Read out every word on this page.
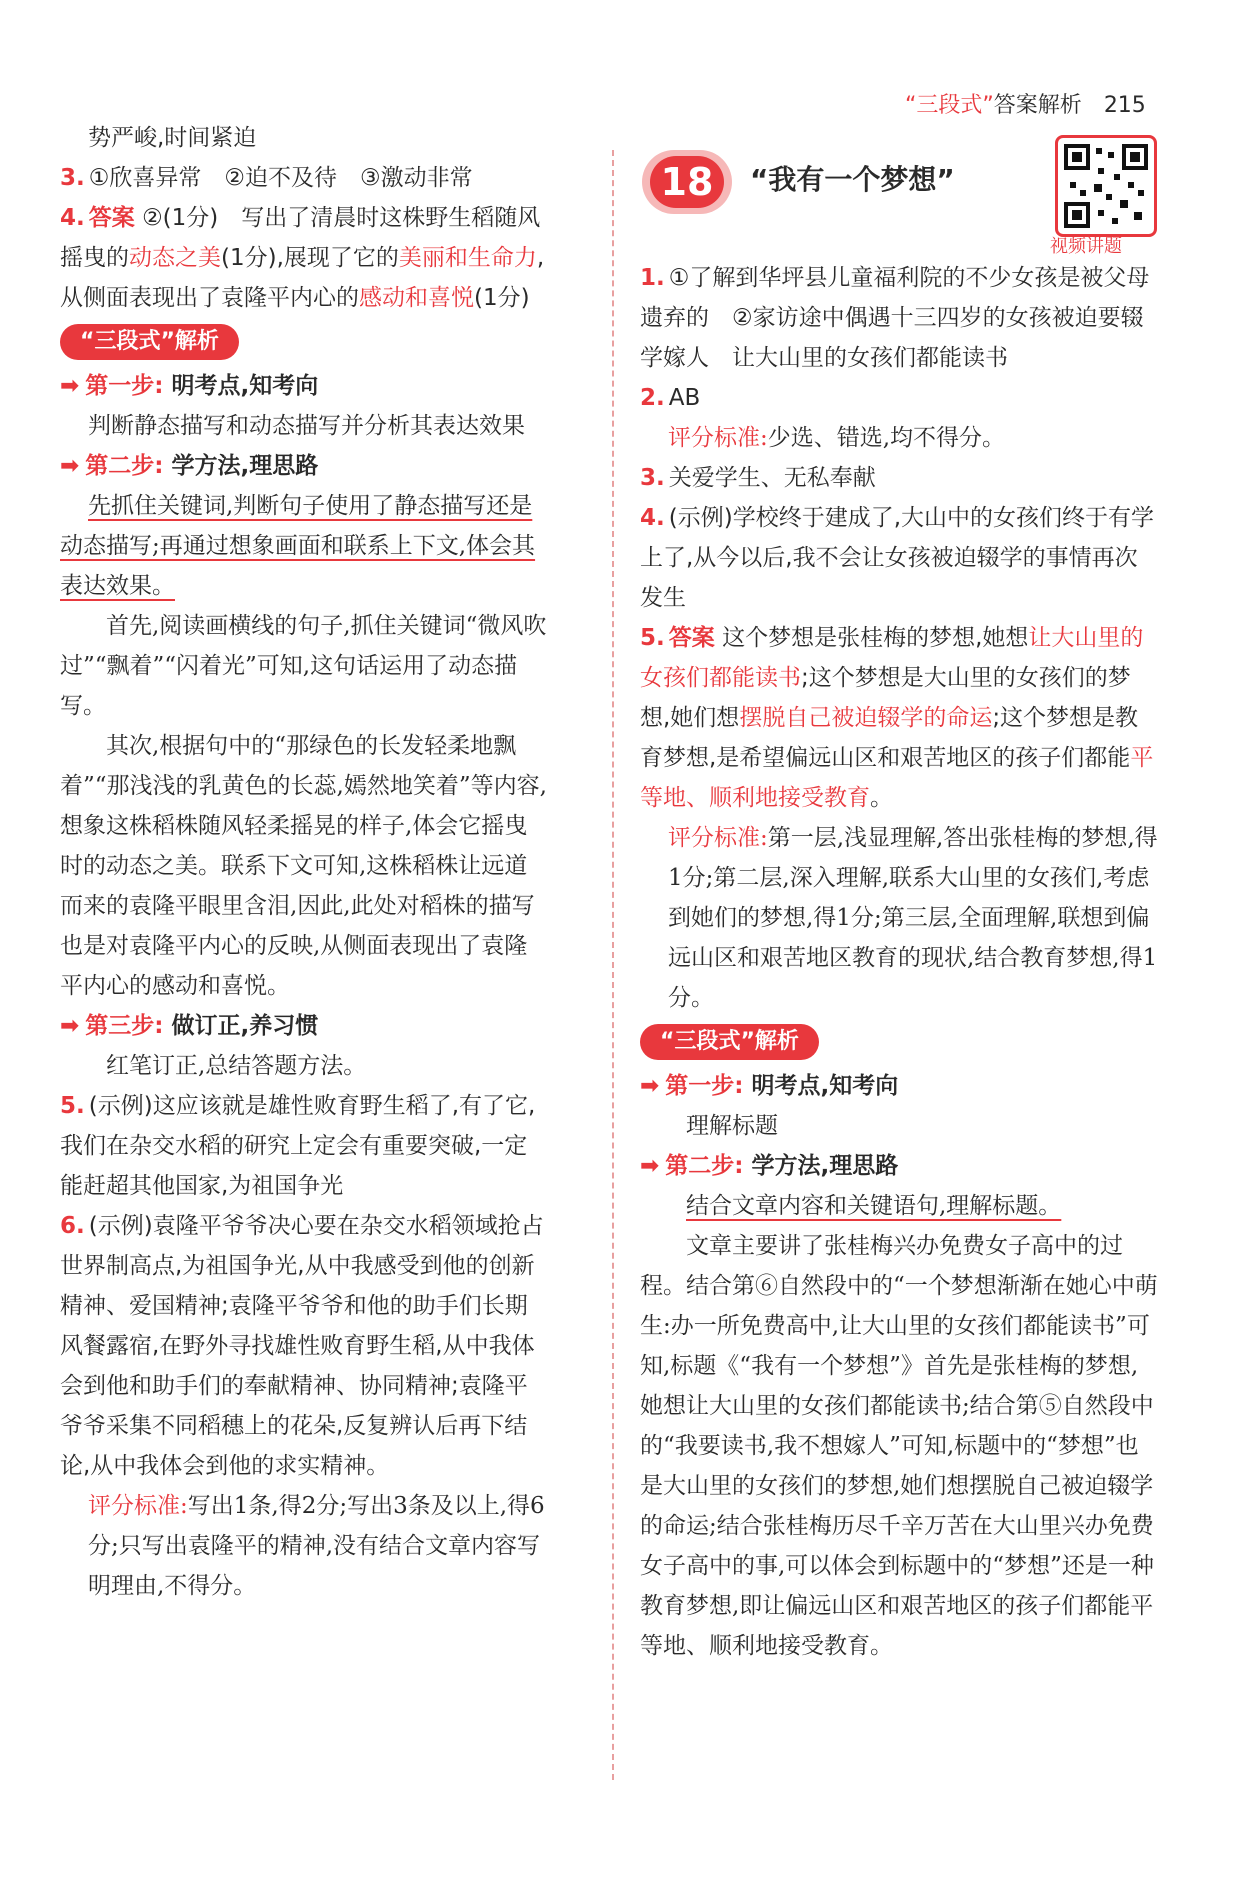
“三段式”答案解析 215

势严峻,时间紧迫

3. ①欣喜异常　②迫不及待　③激动非常

4. 答案 ②(1分)　写出了清晨时这株野生稻随风摇曳的动态之美(1分),展现了它的美丽和生命力,从侧面表现出了袁隆平内心的感动和喜悦(1分)

“三段式”解析

➡ 第一步: 明考点,知考向

判断静态描写和动态描写并分析其表达效果

➡ 第二步: 学方法,理思路

先抓住关键词,判断句子使用了静态描写还是动态描写;再通过想象画面和联系上下文,体会其表达效果。

首先,阅读画横线的句子,抓住关键词“微风吹过”“飘着”“闪着光”可知,这句话运用了动态描写。

其次,根据句中的“那绿色的长发轻柔地飘着”“那浅浅的乳黄色的长蕊,嫣然地笑着”等内容,想象这株稻株随风轻柔摇晃的样子,体会它摇曳时的动态之美。联系下文可知,这株稻株让远道而来的袁隆平眼里含泪,因此,此处对稻株的描写也是对袁隆平内心的反映,从侧面表现出了袁隆平内心的感动和喜悦。

➡ 第三步: 做订正,养习惯

红笔订正,总结答题方法。

5. (示例)这应该就是雄性败育野生稻了,有了它,我们在杂交水稻的研究上定会有重要突破,一定能赶超其他国家,为祖国争光

6. (示例)袁隆平爷爷决心要在杂交水稻领域抢占世界制高点,为祖国争光,从中我感受到他的创新精神、爱国精神;袁隆平爷爷和他的助手们长期风餐露宿,在野外寻找雄性败育野生稻,从中我体会到他和助手们的奉献精神、协同精神;袁隆平爷爷采集不同稻穗上的花朵,反复辨认后再下结论,从中我体会到他的求实精神。

评分标准:写出1条,得2分;写出3条及以上,得6分;只写出袁隆平的精神,没有结合文章内容写明理由,不得分。

18	“我有一个梦想”
视频讲题

1. ①了解到华坪县儿童福利院的不少女孩是被父母遗弃的　②家访途中偶遇十三四岁的女孩被迫要辍学嫁人　让大山里的女孩们都能读书

2. AB

评分标准:少选、错选,均不得分。

3. 关爱学生、无私奉献

4. (示例)学校终于建成了,大山中的女孩们终于有学上了,从今以后,我不会让女孩被迫辍学的事情再次发生

5. 答案 这个梦想是张桂梅的梦想,她想让大山里的女孩们都能读书;这个梦想是大山里的女孩们的梦想,她们想摆脱自己被迫辍学的命运;这个梦想是教育梦想,是希望偏远山区和艰苦地区的孩子们都能平等地、顺利地接受教育。

评分标准:第一层,浅显理解,答出张桂梅的梦想,得1分;第二层,深入理解,联系大山里的女孩们,考虑到她们的梦想,得1分;第三层,全面理解,联想到偏远山区和艰苦地区教育的现状,结合教育梦想,得1分。

“三段式”解析

➡ 第一步: 明考点,知考向

理解标题

➡ 第二步: 学方法,理思路

结合文章内容和关键语句,理解标题。

文章主要讲了张桂梅兴办免费女子高中的过程。结合第⑥自然段中的“一个梦想渐渐在她心中萌生:办一所免费高中,让大山里的女孩们都能读书”可知,标题《“我有一个梦想”》首先是张桂梅的梦想,她想让大山里的女孩们都能读书;结合第⑤自然段中的“我要读书,我不想嫁人”可知,标题中的“梦想”也是大山里的女孩们的梦想,她们想摆脱自己被迫辍学的命运;结合张桂梅历尽千辛万苦在大山里兴办免费女子高中的事,可以体会到标题中的“梦想”还是一种教育梦想,即让偏远山区和艰苦地区的孩子们都能平等地、顺利地接受教育。
